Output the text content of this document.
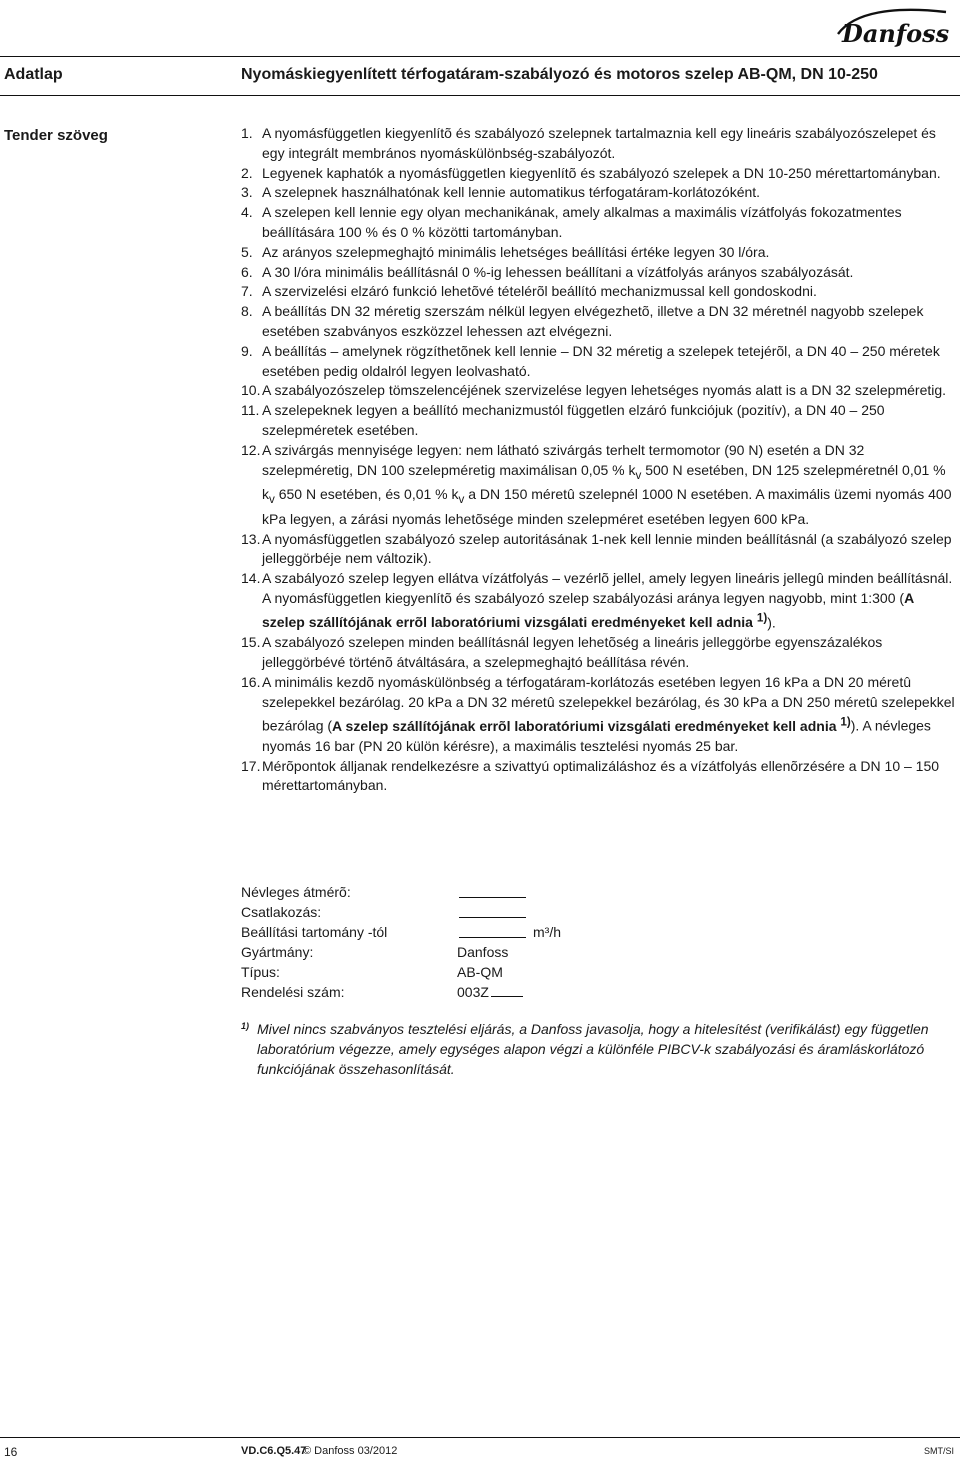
Danfoss
Adatlap	Nyomáskiegyenlített térfogatáram-szabályozó és motoros szelep AB-QM, DN 10-250
Tender szöveg	1. A nyomásfüggetlen kiegyenlítõ és szabályozó szelepnek tartalmaznia kell egy lineáris szabályozószelepet és egy integrált membrános nyomáskülönbség-szabályozót.
2. Legyenek kaphatók a nyomásfüggetlen kiegyenlítõ és szabályozó szelepek a DN 10-250 mérettartományban.
3. A szelepnek használhatónak kell lennie automatikus térfogatáram-korlátozóként.
4. A szelepen kell lennie egy olyan mechanikának, amely alkalmas a maximális vízátfolyás fokozatmentes beállítására 100 % és 0 % közötti tartományban.
5. Az arányos szelepmeghajtó minimális lehetséges beállítási értéke legyen 30 l/óra.
6. A 30 l/óra minimális beállításnál 0 %-ig lehessen beállítani a vízátfolyás arányos szabályozását.
7. A szervizelési elzáró funkció lehetõvé tételérõl beállító mechanizmussal kell gondoskodni.
8. A beállítás DN 32 méretig szerszám nélkül legyen elvégezhetõ, illetve a DN 32 méretnél nagyobb szelepek esetében szabványos eszközzel lehessen azt elvégezni.
9. A beállítás – amelynek rögzíthetõnek kell lennie – DN 32 méretig a szelepek tetejérõl, a DN 40 – 250 méretek esetében pedig oldalról legyen leolvasható.
10. A szabályozószelep tömszelencéjének szervizelése legyen lehetséges nyomás alatt is a DN 32 szelepméretig.
11. A szelepeknek legyen a beállító mechanizmustól független elzáró funkciójuk (pozitív), a DN 40 – 250 szelepméretek esetében.
12. A szivárgás mennyisége legyen: nem látható szivárgás terhelt termomotor (90 N) esetén a DN 32 szelepméretig, DN 100 szelepméretig maximálisan 0,05 % $k_v$ 500 N esetében, DN 125 szelepméretnél 0,01 % $k_v$ 650 N esetében, és 0,01 % $k_v$ a DN 150 méretû szelepnél 1000 N esetében. A maximális üzemi nyomás 400 kPa legyen, a zárási nyomás lehetõsége minden szelepméret esetében legyen 600 kPa.
13. A nyomásfüggetlen szabályozó szelep autoritásának 1-nek kell lennie minden beállításnál (a szabályozó szelep jelleggörbéje nem változik).
14. A szabályozó szelep legyen ellátva vízátfolyás – vezérlõ jellel, amely legyen lineáris jellegû minden beállításnál. A nyomásfüggetlen kiegyenlítõ és szabályozó szelep szabályozási aránya legyen nagyobb, mint 1:300 (A szelep szállítójának errõl laboratóriumi vizsgálati eredményeket kell adnia $^{1)}$).
15. A szabályozó szelepen minden beállításnál legyen lehetõség a lineáris jelleggörbe egyenszázalékos jelleggörbévé történõ átváltására, a szelepmeghajtó beállítása révén.
16. A minimális kezdõ nyomáskülönbség a térfogatáram-korlátozás esetében legyen 16 kPa a DN 20 méretû szelepekkel bezárólag. 20 kPa a DN 32 méretû szelepekkel bezárólag, és 30 kPa a DN 250 méretû szelepekkel bezárólag (A szelep szállítójának errõl laboratóriumi vizsgálati eredményeket kell adnia $^{1)}$). A névleges nyomás 16 bar (PN 20 külön kérésre), a maximális tesztelési nyomás 25 bar.
17. Mérõpontok álljanak rendelkezésre a szivattyú optimalizáláshoz és a vízátfolyás ellenõrzésére a DN 10 – 150 mérettartományban.
Névleges átmérõ:
Csatlakozás:
Beállítási tartomány -tól	m³/h
Gyártmány:	Danfoss
Típus:	AB-QM
Rendelési szám:	003Z
1) Mivel nincs szabványos tesztelési eljárás, a Danfoss javasolja, hogy a hitelesítést (verifikálást) egy független laboratórium végezze, amely egységes alapon végzi a különféle PIBCV-k szabályozási és áramláskorlátozó funkciójának összehasonlítását.
16	VD.C6.Q5.47
© Danfoss 03/2012	SMT/SI
